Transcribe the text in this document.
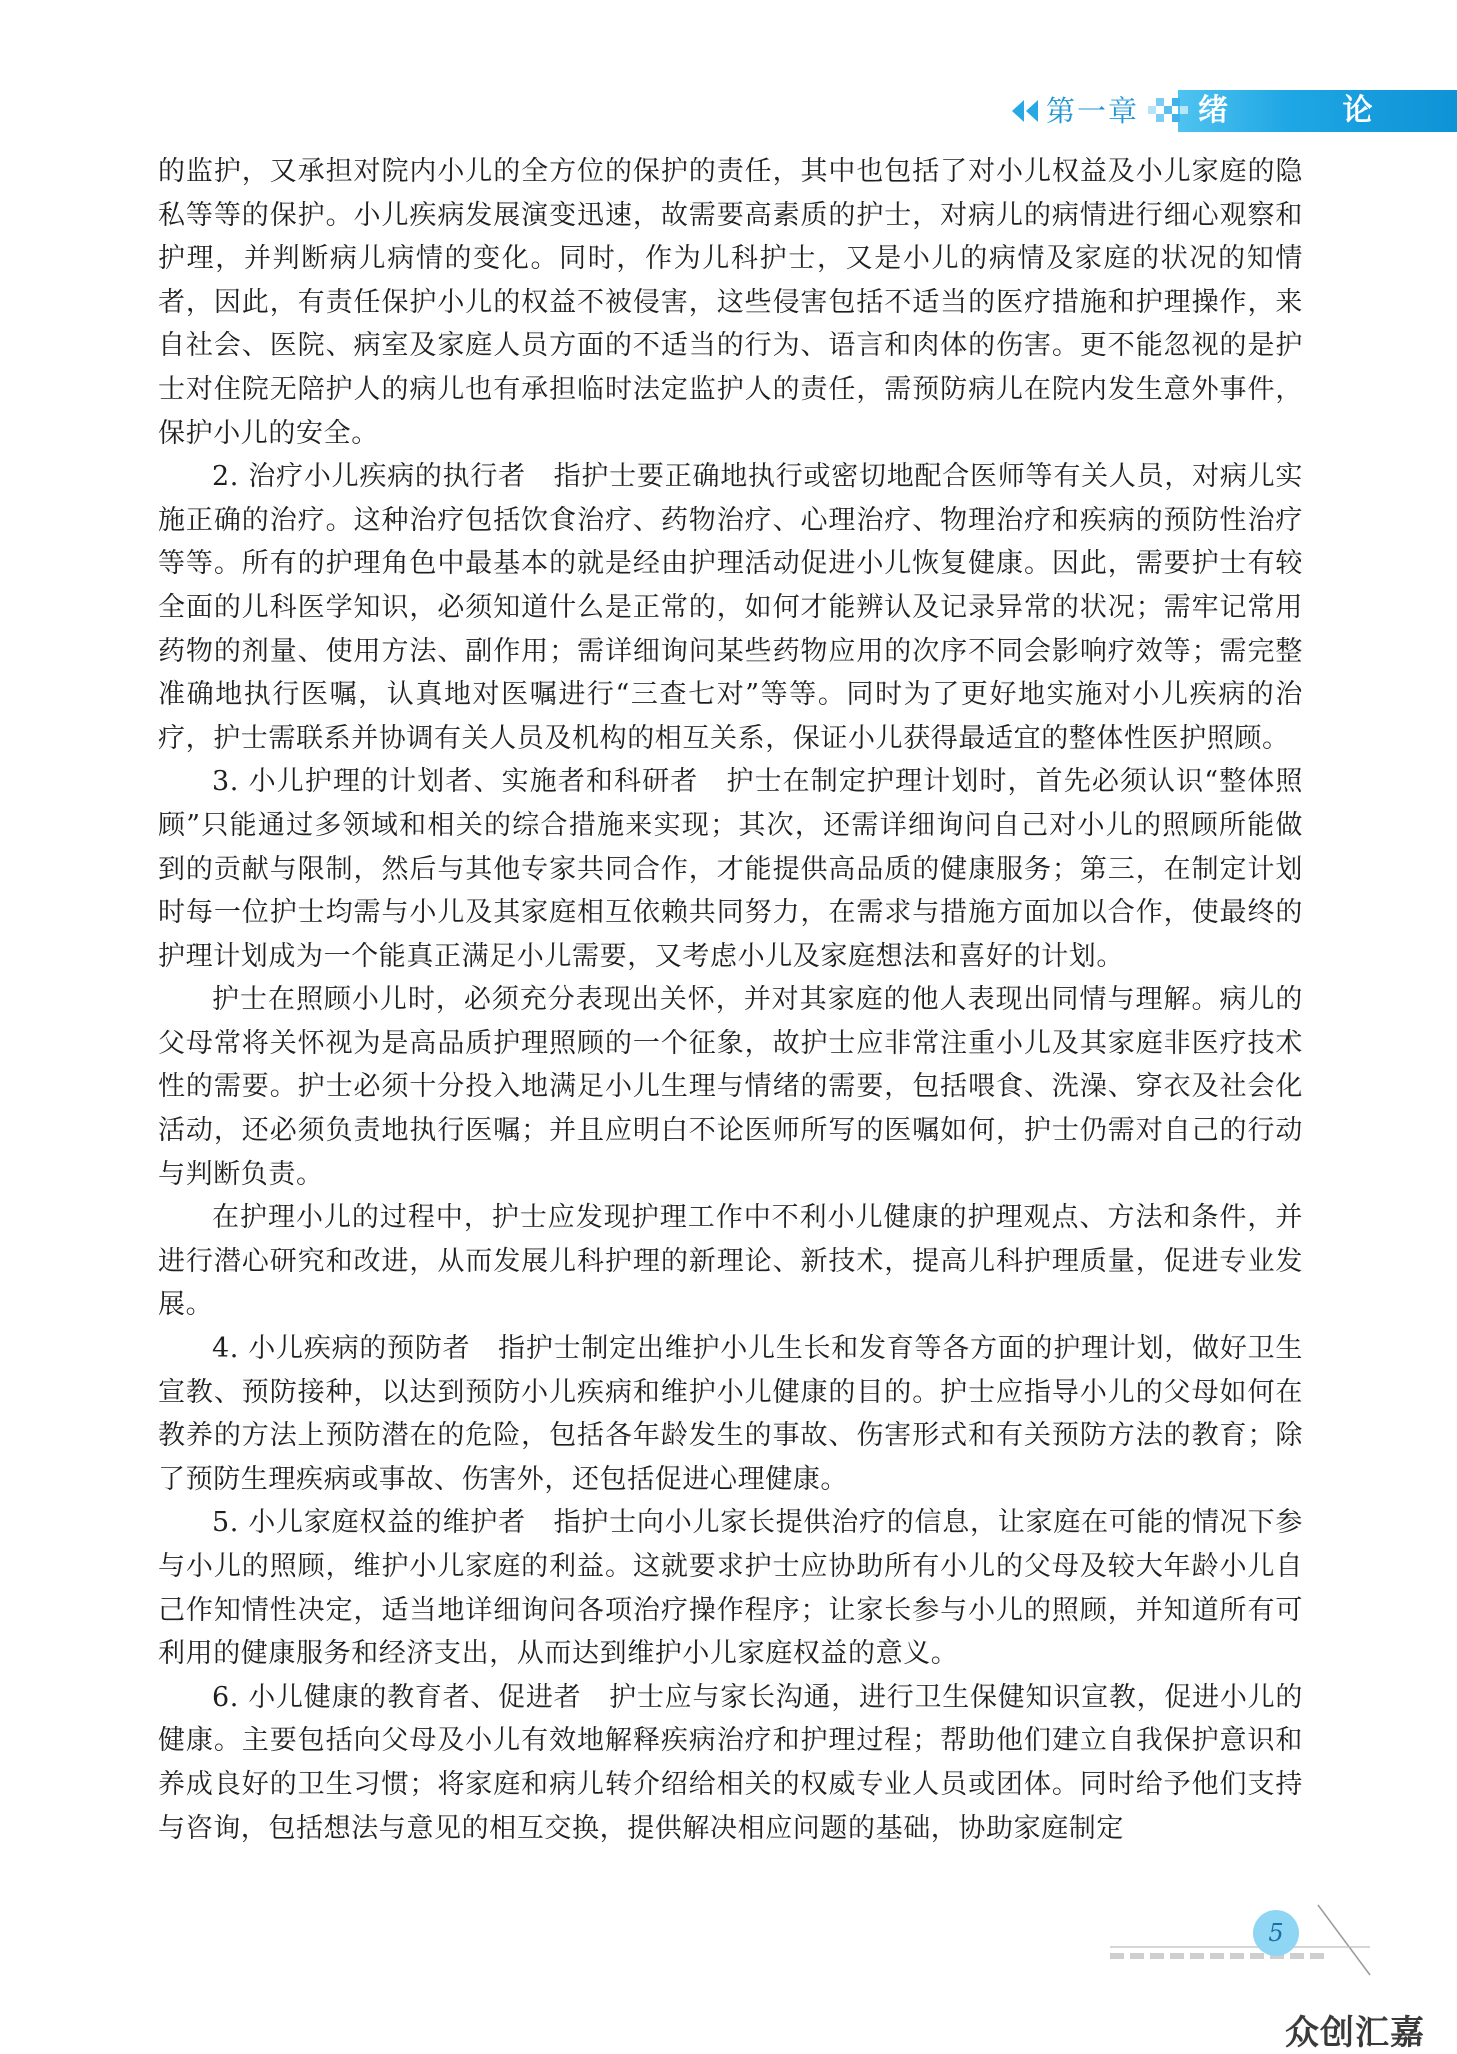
第一章 绪 论

的监护，又承担对院内小儿的全方位的保护的责任，其中也包括了对小儿权益及小儿家庭的隐私等等的保护。小儿疾病发展演变迅速，故需要高素质的护士，对病儿的病情进行细心观察和护理，并判断病儿病情的变化。同时，作为儿科护士，又是小儿的病情及家庭的状况的知情者，因此，有责任保护小儿的权益不被侵害，这些侵害包括不适当的医疗措施和护理操作，来自社会、医院、病室及家庭人员方面的不适当的行为、语言和肉体的伤害。更不能忽视的是护士对住院无陪护人的病儿也有承担临时法定监护人的责任，需预防病儿在院内发生意外事件，保护小儿的安全。

2. 治疗小儿疾病的执行者　指护士要正确地执行或密切地配合医师等有关人员，对病儿实施正确的治疗。这种治疗包括饮食治疗、药物治疗、心理治疗、物理治疗和疾病的预防性治疗等等。所有的护理角色中最基本的就是经由护理活动促进小儿恢复健康。因此，需要护士有较全面的儿科医学知识，必须知道什么是正常的，如何才能辨认及记录异常的状况；需牢记常用药物的剂量、使用方法、副作用；需详细询问某些药物应用的次序不同会影响疗效等；需完整准确地执行医嘱，认真地对医嘱进行“三查七对”等等。同时为了更好地实施对小儿疾病的治疗，护士需联系并协调有关人员及机构的相互关系，保证小儿获得最适宜的整体性医护照顾。

3. 小儿护理的计划者、实施者和科研者　护士在制定护理计划时，首先必须认识“整体照顾”只能通过多领域和相关的综合措施来实现；其次，还需详细询问自己对小儿的照顾所能做到的贡献与限制，然后与其他专家共同合作，才能提供高品质的健康服务；第三，在制定计划时每一位护士均需与小儿及其家庭相互依赖共同努力，在需求与措施方面加以合作，使最终的护理计划成为一个能真正满足小儿需要，又考虑小儿及家庭想法和喜好的计划。

护士在照顾小儿时，必须充分表现出关怀，并对其家庭的他人表现出同情与理解。病儿的父母常将关怀视为是高品质护理照顾的一个征象，故护士应非常注重小儿及其家庭非医疗技术性的需要。护士必须十分投入地满足小儿生理与情绪的需要，包括喂食、洗澡、穿衣及社会化活动，还必须负责地执行医嘱；并且应明白不论医师所写的医嘱如何，护士仍需对自己的行动与判断负责。

在护理小儿的过程中，护士应发现护理工作中不利小儿健康的护理观点、方法和条件，并进行潜心研究和改进，从而发展儿科护理的新理论、新技术，提高儿科护理质量，促进专业发展。

4. 小儿疾病的预防者　指护士制定出维护小儿生长和发育等各方面的护理计划，做好卫生宣教、预防接种，以达到预防小儿疾病和维护小儿健康的目的。护士应指导小儿的父母如何在教养的方法上预防潜在的危险，包括各年龄发生的事故、伤害形式和有关预防方法的教育；除了预防生理疾病或事故、伤害外，还包括促进心理健康。

5. 小儿家庭权益的维护者　指护士向小儿家长提供治疗的信息，让家庭在可能的情况下参与小儿的照顾，维护小儿家庭的利益。这就要求护士应协助所有小儿的父母及较大年龄小儿自己作知情性决定，适当地详细询问各项治疗操作程序；让家长参与小儿的照顾，并知道所有可利用的健康服务和经济支出，从而达到维护小儿家庭权益的意义。

6. 小儿健康的教育者、促进者　护士应与家长沟通，进行卫生保健知识宣教，促进小儿的健康。主要包括向父母及小儿有效地解释疾病治疗和护理过程；帮助他们建立自我保护意识和养成良好的卫生习惯；将家庭和病儿转介绍给相关的权威专业人员或团体。同时给予他们支持与咨询，包括想法与意见的相互交换，提供解决相应问题的基础，协助家庭制定

5
众创汇嘉
